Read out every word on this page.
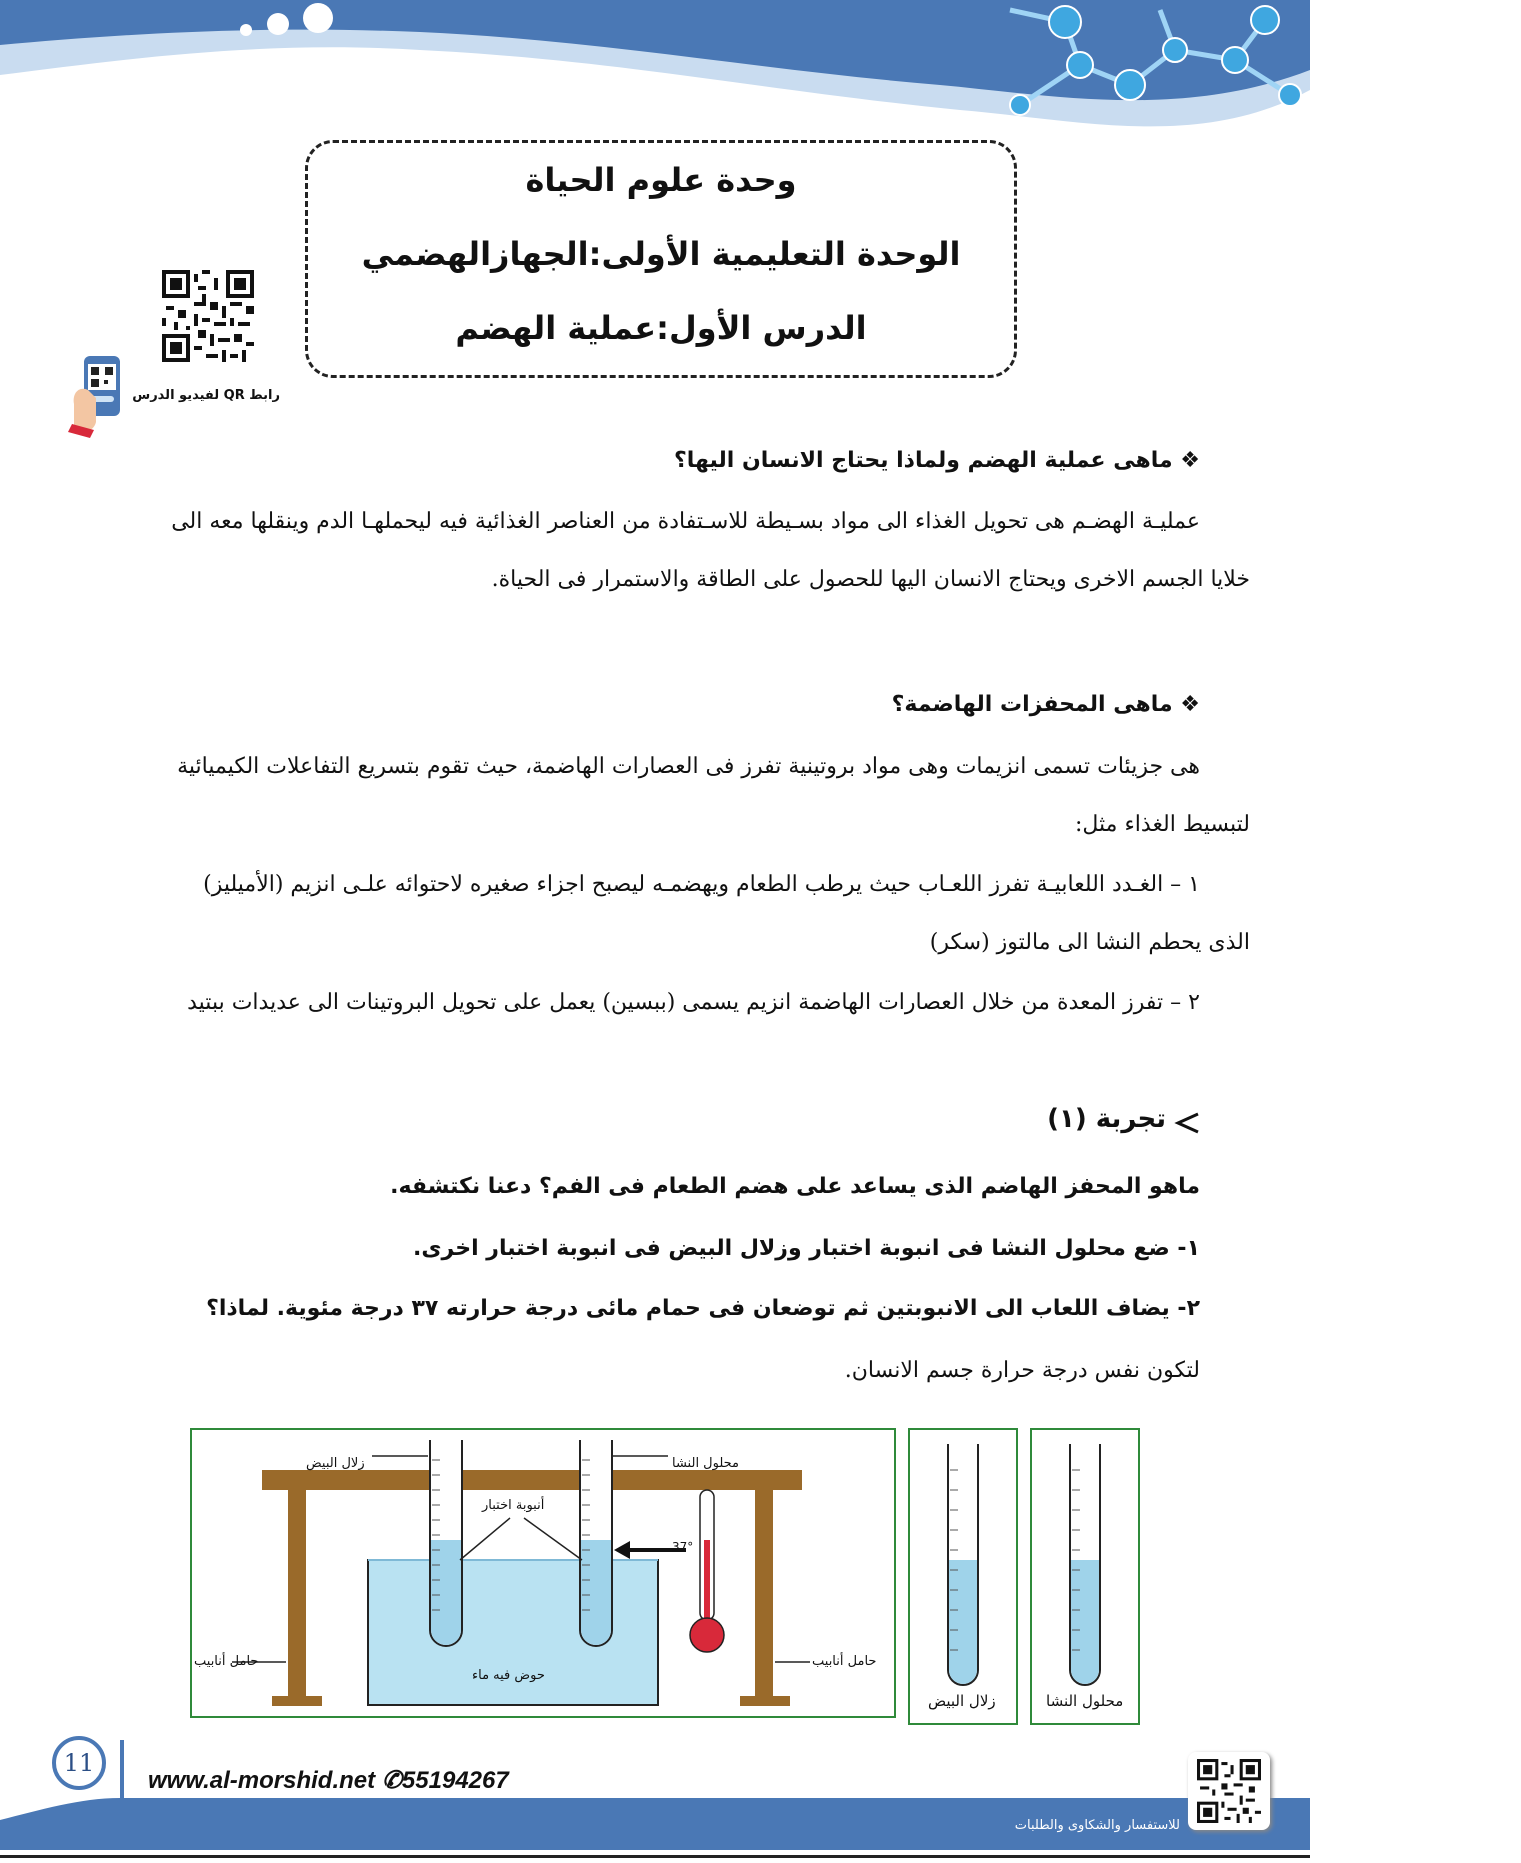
وحدة علوم الحياة
الوحدة التعليمية الأولى:الجهازالهضمي
الدرس الأول:عملية الهضم
رابط QR لفيديو الدرس
❖ ماهى عملية الهضم ولماذا يحتاج الانسان اليها؟
عمليـة الهضـم هى تحويل الغذاء الى مواد بسـيطة للاسـتفادة من العناصر الغذائية فيه ليحملهـا الدم وينقلها معه الى
خلايا الجسم الاخرى ويحتاج الانسان اليها للحصول على الطاقة والاستمرار فى الحياة.
❖ ماهى المحفزات الهاضمة؟
هى جزيئات تسمى انزيمات وهى مواد بروتينية تفرز فى العصارات الهاضمة، حيث تقوم بتسريع التفاعلات الكيميائية
لتبسيط الغذاء مثل:
١ – الغـدد اللعابيـة تفرز اللعـاب حيث يرطب الطعام ويهضمـه ليصبح اجزاء صغيره لاحتوائه علـى انزيم (الأميليز)
الذى يحطم النشا الى مالتوز (سكر)
٢ – تفرز المعدة من خلال العصارات الهاضمة انزيم يسمى (ببسين) يعمل على تحويل البروتينات الى عديدات ببتيد
تجربة (١)
ماهو المحفز الهاضم الذى يساعد على هضم الطعام فى الفم؟ دعنا نكتشفه.
١- ضع محلول النشا فى انبوبة اختبار وزلال البيض فى انبوبة اختبار اخرى.
٢- يضاف اللعاب الى الانبوبتين ثم توضعان فى حمام مائى درجة حرارته ٣٧ درجة مئوية. لماذا؟
لتكون نفس درجة حرارة جسم الانسان.
زلال البيض	محلول النشا
أنبوبة اختبار
37°
حوض فيه ماء
حامل أنابيب	حامل أنابيب
زلال البيض	محلول النشا
11
www.al-morshid.net ✆55194267
للاستفسار والشكاوى والطلبات
